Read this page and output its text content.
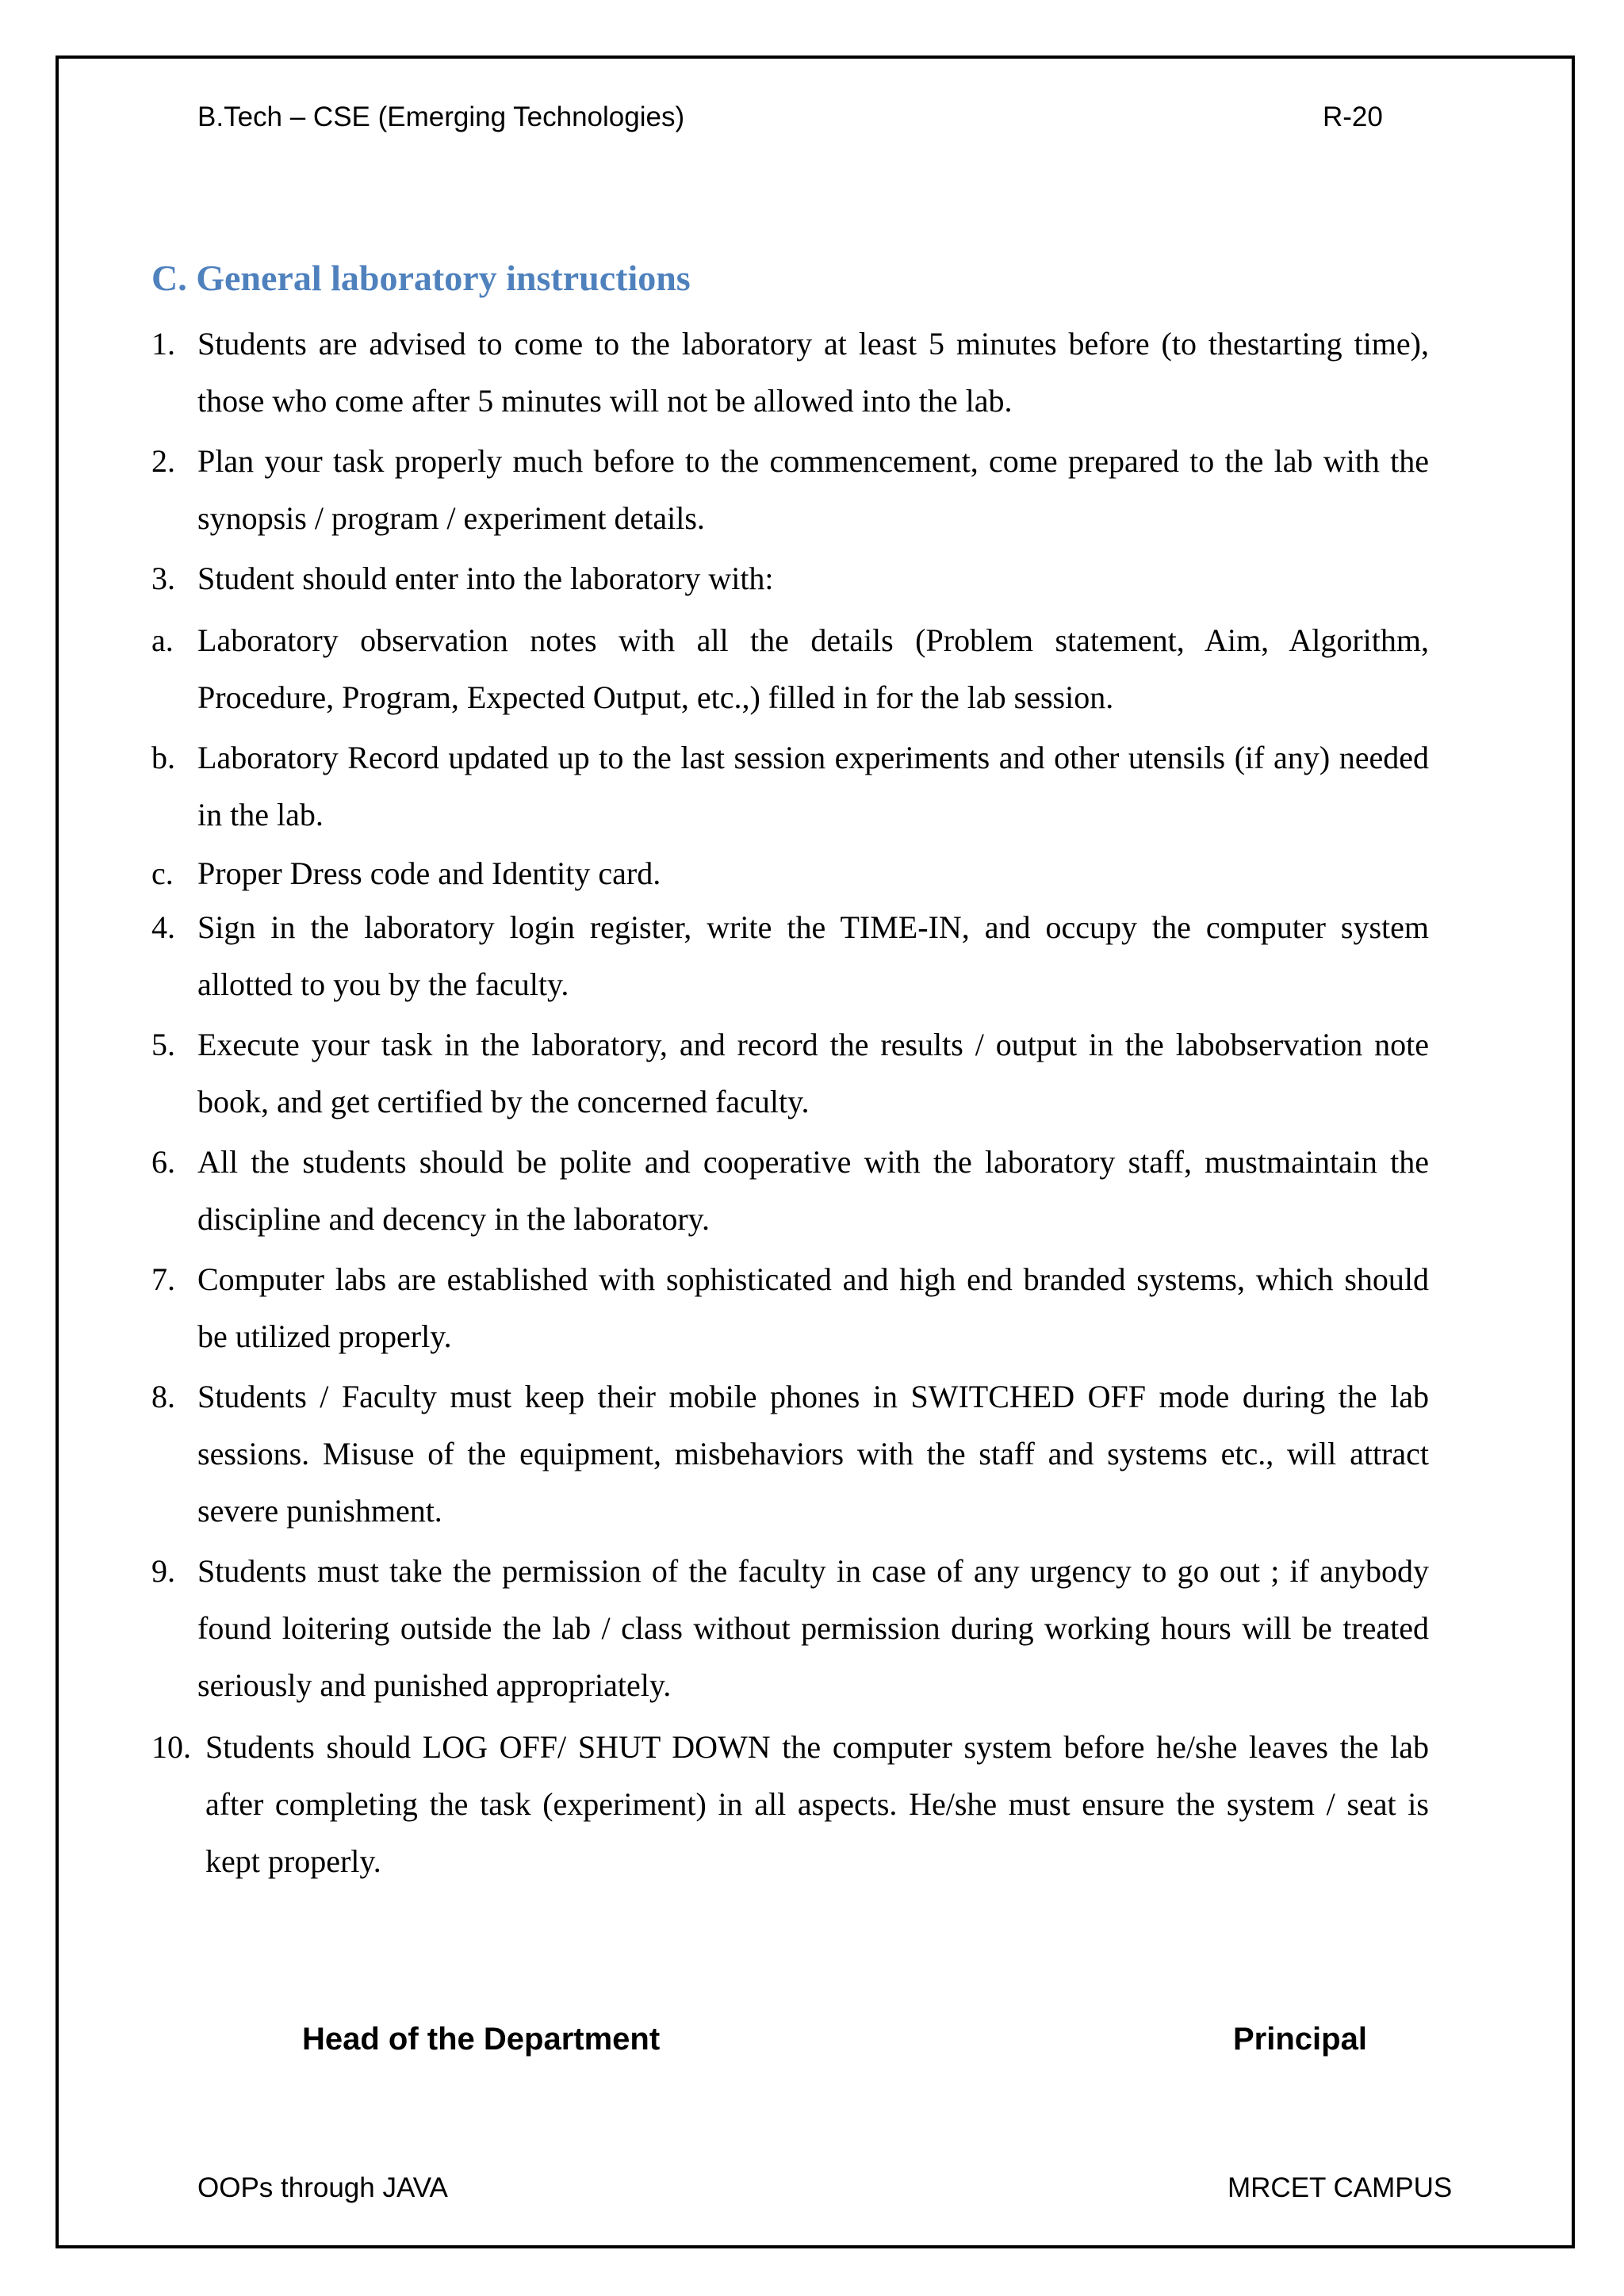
B.Tech – CSE (Emerging Technologies)	R-20
C. General laboratory instructions
1. Students are advised to come to the laboratory at least 5 minutes before (to thestarting time), those who come after 5 minutes will not be allowed into the lab.
2. Plan your task properly much before to the commencement, come prepared to the lab with the synopsis / program / experiment details.
3. Student should enter into the laboratory with:
a. Laboratory observation notes with all the details (Problem statement, Aim, Algorithm, Procedure, Program, Expected Output, etc.,) filled in for the lab session.
b. Laboratory Record updated up to the last session experiments and other utensils (if any) needed in the lab.
c. Proper Dress code and Identity card.
4. Sign in the laboratory login register, write the TIME-IN, and occupy the computer system allotted to you by the faculty.
5. Execute your task in the laboratory, and record the results / output in the labobservation note book, and get certified by the concerned faculty.
6. All the students should be polite and cooperative with the laboratory staff, mustmaintain the discipline and decency in the laboratory.
7. Computer labs are established with sophisticated and high end branded systems, which should be utilized properly.
8. Students / Faculty must keep their mobile phones in SWITCHED OFF mode during the lab sessions. Misuse of the equipment, misbehaviors with the staff and systems etc., will attract severe punishment.
9. Students must take the permission of the faculty in case of any urgency to go out ; if anybody found loitering outside the lab / class without permission during working hours will be treated seriously and punished appropriately.
10. Students should LOG OFF/ SHUT DOWN the computer system before he/she leaves the lab after completing the task (experiment) in all aspects. He/she must ensure the system / seat is kept properly.
Head of the Department	Principal
OOPs through JAVA	MRCET CAMPUS
